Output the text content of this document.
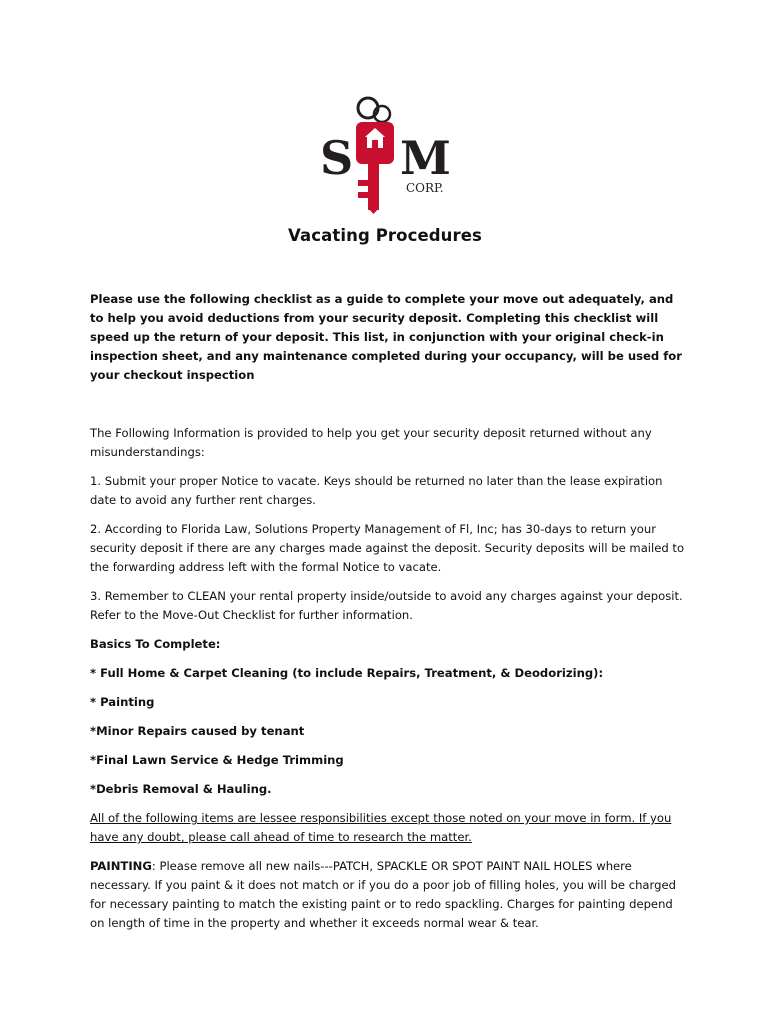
S M
CORP.
Vacating Procedures

Please use the following checklist as a guide to complete your move out adequately, and to help you avoid deductions from your security deposit. Completing this checklist will speed up the return of your deposit. This list, in conjunction with your original check-in inspection sheet, and any maintenance completed during your occupancy, will be used for your checkout inspection

The Following Information is provided to help you get your security deposit returned without any misunderstandings:

1. Submit your proper Notice to vacate. Keys should be returned no later than the lease expiration date to avoid any further rent charges.

2. According to Florida Law, Solutions Property Management of Fl, Inc; has 30-days to return your security deposit if there are any charges made against the deposit. Security deposits will be mailed to the forwarding address left with the formal Notice to vacate.

3. Remember to CLEAN your rental property inside/outside to avoid any charges against your deposit. Refer to the Move-Out Checklist for further information.

Basics To Complete:

* Full Home & Carpet Cleaning (to include Repairs, Treatment, & Deodorizing):

* Painting

*Minor Repairs caused by tenant

*Final Lawn Service & Hedge Trimming

*Debris Removal & Hauling.

All of the following items are lessee responsibilities except those noted on your move in form. If you have any doubt, please call ahead of time to research the matter.

PAINTING: Please remove all new nails---PATCH, SPACKLE OR SPOT PAINT NAIL HOLES where necessary. If you paint & it does not match or if you do a poor job of filling holes, you will be charged for necessary painting to match the existing paint or to redo spackling. Charges for painting depend on length of time in the property and whether it exceeds normal wear & tear.
